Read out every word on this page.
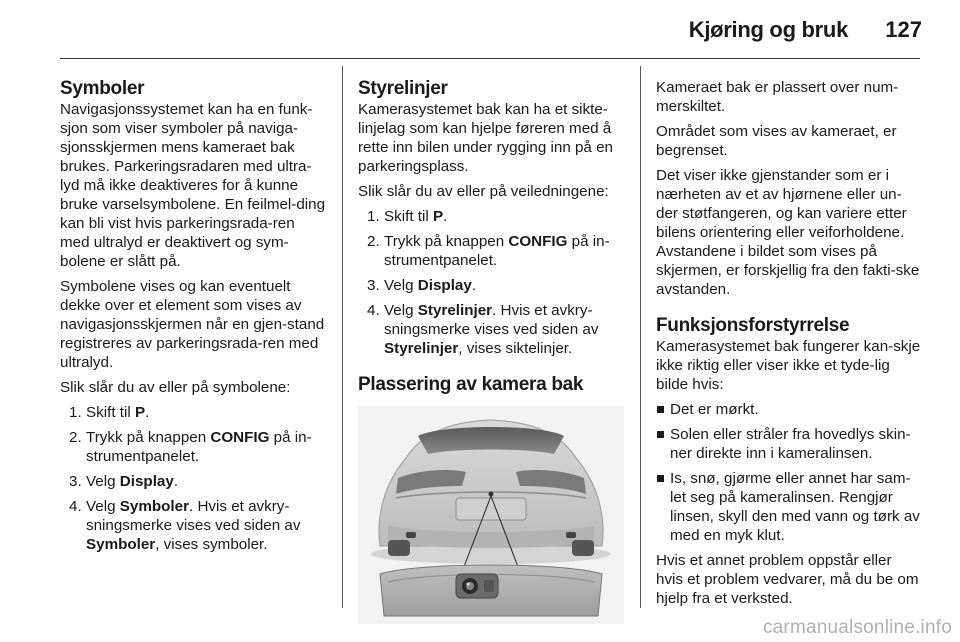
Kjøring og bruk 127
Symboler

Navigasjonssystemet kan ha en funk-sjon som viser symboler på naviga-sjonsskjermen mens kameraet bak brukes. Parkeringsradaren med ultra-lyd må ikke deaktiveres for å kunne bruke varselsymbolene. En feilmel-ding kan bli vist hvis parkeringsrada-ren med ultralyd er deaktivert og sym-bolene er slått på.

Symbolene vises og kan eventuelt dekke over et element som vises av navigasjonsskjermen når en gjen-stand registreres av parkeringsrada-ren med ultralyd.

Slik slår du av eller på symbolene:

1. Skift til P.
2. Trykk på knappen CONFIG på in-strumentpanelet.
3. Velg Display.
4. Velg Symboler. Hvis et avkry-sningsmerke vises ved siden av Symboler, vises symboler.
Styrelinjer

Kamerasystemet bak kan ha et sikte-linjelag som kan hjelpe føreren med å rette inn bilen under rygging inn på en parkeringsplass.

Slik slår du av eller på veiledningene:

1. Skift til P.
2. Trykk på knappen CONFIG på in-strumentpanelet.
3. Velg Display.
4. Velg Styrelinjer. Hvis et avkry-sningsmerke vises ved siden av Styrelinjer, vises siktelinjer.
Plassering av kamera bak

Kameraet bak er plassert over num-merskiltet.

Området som vises av kameraet, er begrenset.

Det viser ikke gjenstander som er i nærheten av et av hjørnene eller un-der støtfangeren, og kan variere etter bilens orientering eller veiforholdene. Avstandene i bildet som vises på skjermen, er forskjellig fra den fakti-ske avstanden.

Funksjonsforstyrrelse

Kamerasystemet bak fungerer kan-skje ikke riktig eller viser ikke et tyde-lig bilde hvis:

Det er mørkt.
Solen eller stråler fra hovedlys skin-ner direkte inn i kameralinsen.
Is, snø, gjørme eller annet har sam-let seg på kameralinsen. Rengjør linsen, skyll den med vann og tørk av med en myk klut.

Hvis et annet problem oppstår eller hvis et problem vedvarer, må du be om hjelp fra et verksted.

carmanualsonline.info
